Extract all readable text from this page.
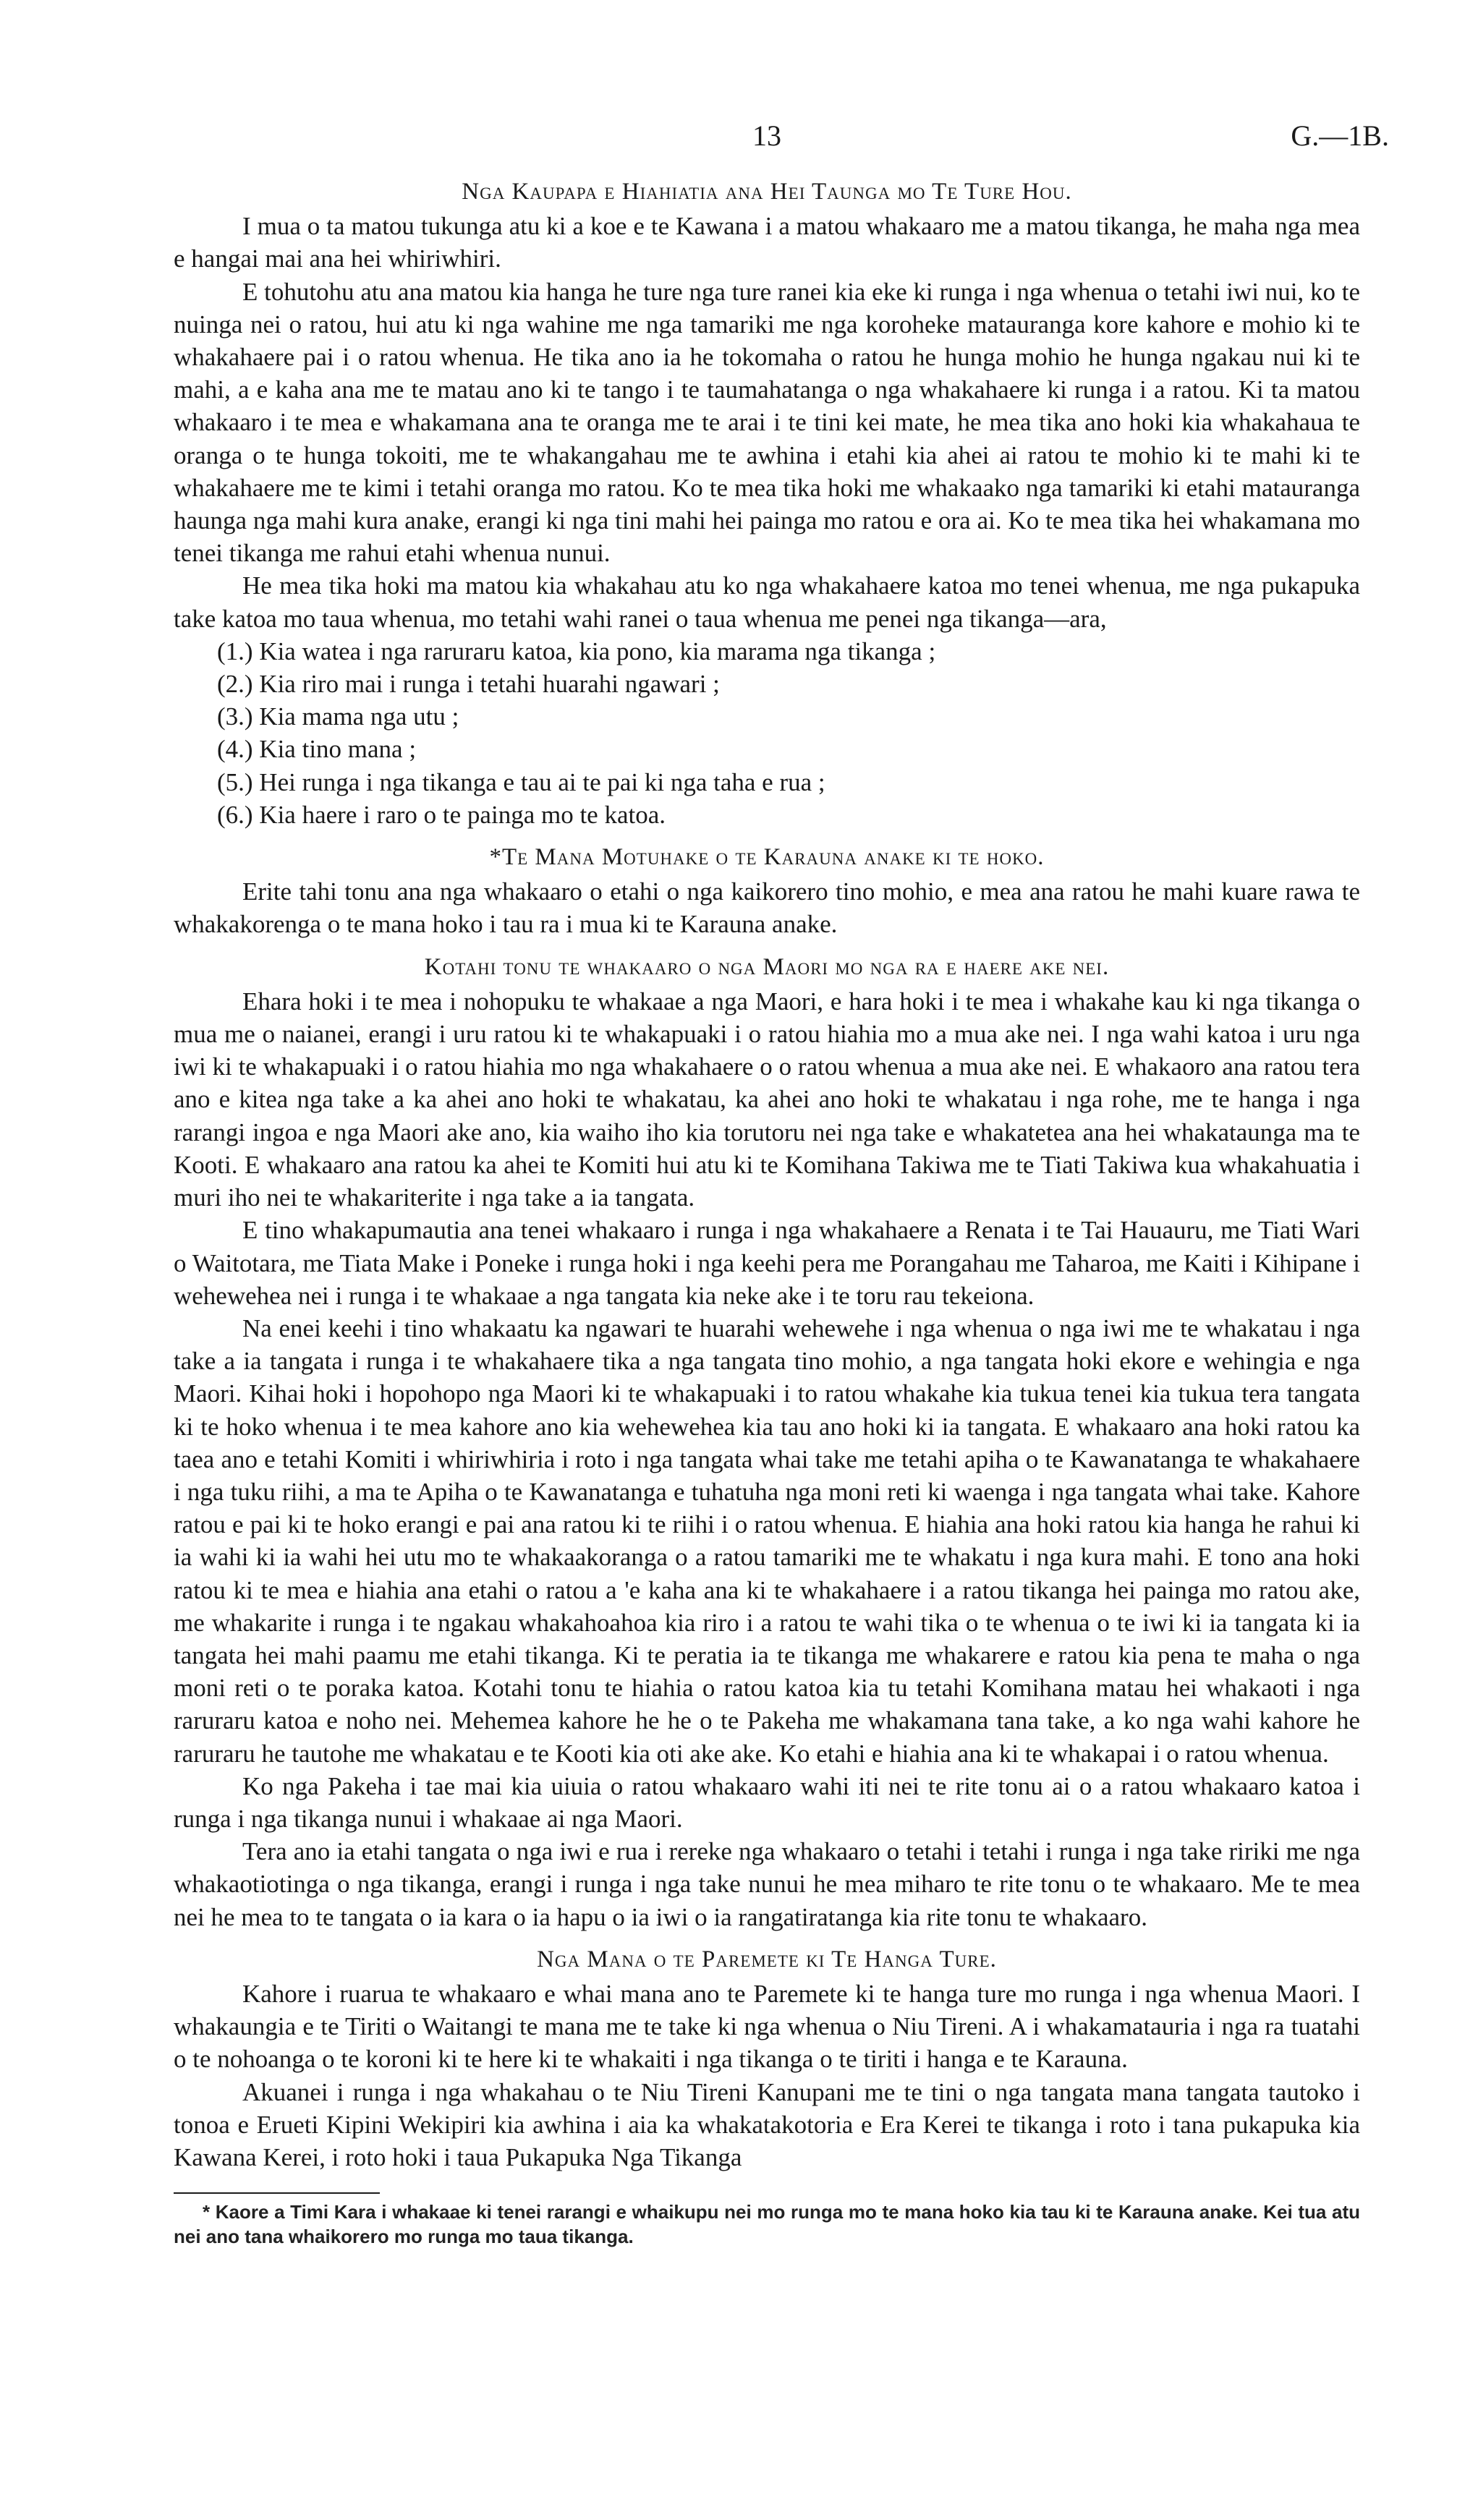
13	G.—1B.
Nga Kaupapa e Hiahiatia ana Hei Taunga mo Te Ture Hou.

I mua o ta matou tukunga atu ki a koe e te Kawana i a matou whakaaro me a matou tikanga, he maha nga mea e hangai mai ana hei whiriwhiri.

E tohutohu atu ana matou kia hanga he ture nga ture ranei kia eke ki runga i nga whenua o tetahi iwi nui, ko te nuinga nei o ratou, hui atu ki nga wahine me nga tamariki me nga koroheke matauranga kore kahore e mohio ki te whakahaere pai i o ratou whenua. He tika ano ia he tokomaha o ratou he hunga mohio he hunga ngakau nui ki te mahi, a e kaha ana me te matau ano ki te tango i te taumahatanga o nga whakahaere ki runga i a ratou. Ki ta matou whakaaro i te mea e whakamana ana te oranga me te arai i te tini kei mate, he mea tika ano hoki kia whakahaua te oranga o te hunga tokoiti, me te whakangahau me te awhina i etahi kia ahei ai ratou te mohio ki te mahi ki te whakahaere me te kimi i tetahi oranga mo ratou. Ko te mea tika hoki me whakaako nga tamariki ki etahi matauranga haunga nga mahi kura anake, erangi ki nga tini mahi hei painga mo ratou e ora ai. Ko te mea tika hei whakamana mo tenei tikanga me rahui etahi whenua nunui.

He mea tika hoki ma matou kia whakahau atu ko nga whakahaere katoa mo tenei whenua, me nga pukapuka take katoa mo taua whenua, mo tetahi wahi ranei o taua whenua me penei nga tikanga—ara,

(1.) Kia watea i nga raruraru katoa, kia pono, kia marama nga tikanga ;
(2.) Kia riro mai i runga i tetahi huarahi ngawari ;
(3.) Kia mama nga utu ;
(4.) Kia tino mana ;
(5.) Hei runga i nga tikanga e tau ai te pai ki nga taha e rua ;
(6.) Kia haere i raro o te painga mo te katoa.
*Te Mana Motuhake o te Karauna anake ki te hoko.

Erite tahi tonu ana nga whakaaro o etahi o nga kaikorero tino mohio, e mea ana ratou he mahi kuare rawa te whakakorenga o te mana hoko i tau ra i mua ki te Karauna anake.

Kotahi tonu te whakaaro o nga Maori mo nga ra e haere ake nei.

Ehara hoki i te mea i nohopuku te whakaae a nga Maori, e hara hoki i te mea i whakahe kau ki nga tikanga o mua me o naianei, erangi i uru ratou ki te whakapuaki i o ratou hiahia mo a mua ake nei. I nga wahi katoa i uru nga iwi ki te whakapuaki i o ratou hiahia mo nga whakahaere o o ratou whenua a mua ake nei. E whakaoro ana ratou tera ano e kitea nga take a ka ahei ano hoki te whakatau, ka ahei ano hoki te whakatau i nga rohe, me te hanga i nga rarangi ingoa e nga Maori ake ano, kia waiho iho kia torutoru nei nga take e whakatetea ana hei whakataunga ma te Kooti. E whakaaro ana ratou ka ahei te Komiti hui atu ki te Komihana Takiwa me te Tiati Takiwa kua whakahuatia i muri iho nei te whakariterite i nga take a ia tangata.

E tino whakapumautia ana tenei whakaaro i runga i nga whakahaere a Renata i te Tai Hauauru, me Tiati Wari o Waitotara, me Tiata Make i Poneke i runga hoki i nga keehi pera me Porangahau me Taharoa, me Kaiti i Kihipane i wehewehea nei i runga i te whakaae a nga tangata kia neke ake i te toru rau tekeiona.

Na enei keehi i tino whakaatu ka ngawari te huarahi wehewehe i nga whenua o nga iwi me te whakatau i nga take a ia tangata i runga i te whakahaere tika a nga tangata tino mohio, a nga tangata hoki ekore e wehingia e nga Maori. Kihai hoki i hopohopo nga Maori ki te whakapuaki i to ratou whakahe kia tukua tenei kia tukua tera tangata ki te hoko whenua i te mea kahore ano kia wehewehea kia tau ano hoki ki ia tangata. E whakaaro ana hoki ratou ka taea ano e tetahi Komiti i whiriwhiria i roto i nga tangata whai take me tetahi apiha o te Kawanatanga te whakahaere i nga tuku riihi, a ma te Apiha o te Kawanatanga e tuhatuha nga moni reti ki waenga i nga tangata whai take. Kahore ratou e pai ki te hoko erangi e pai ana ratou ki te riihi i o ratou whenua. E hiahia ana hoki ratou kia hanga he rahui ki ia wahi ki ia wahi hei utu mo te whakaakoranga o a ratou tamariki me te whakatu i nga kura mahi. E tono ana hoki ratou ki te mea e hiahia ana etahi o ratou a 'e kaha ana ki te whakahaere i a ratou tikanga hei painga mo ratou ake, me whakarite i runga i te ngakau whakahoahoa kia riro i a ratou te wahi tika o te whenua o te iwi ki ia tangata ki ia tangata hei mahi paamu me etahi tikanga. Ki te peratia ia te tikanga me whakarere e ratou kia pena te maha o nga moni reti o te poraka katoa. Kotahi tonu te hiahia o ratou katoa kia tu tetahi Komihana matau hei whakaoti i nga raruraru katoa e noho nei. Mehemea kahore he he o te Pakeha me whakamana tana take, a ko nga wahi kahore he raruraru he tautohe me whakatau e te Kooti kia oti ake ake. Ko etahi e hiahia ana ki te whakapai i o ratou whenua.

Ko nga Pakeha i tae mai kia uiuia o ratou whakaaro wahi iti nei te rite tonu ai o a ratou whakaaro katoa i runga i nga tikanga nunui i whakaae ai nga Maori.

Tera ano ia etahi tangata o nga iwi e rua i rereke nga whakaaro o tetahi i tetahi i runga i nga take ririki me nga whakaotiotinga o nga tikanga, erangi i runga i nga take nunui he mea miharo te rite tonu o te whakaaro. Me te mea nei he mea to te tangata o ia kara o ia hapu o ia iwi o ia rangatiratanga kia rite tonu te whakaaro.

Nga Mana o te Paremete ki Te Hanga Ture.

Kahore i ruarua te whakaaro e whai mana ano te Paremete ki te hanga ture mo runga i nga whenua Maori. I whakaungia e te Tiriti o Waitangi te mana me te take ki nga whenua o Niu Tireni. A i whakamatauria i nga ra tuatahi o te nohoanga o te koroni ki te here ki te whakaiti i nga tikanga o te tiriti i hanga e te Karauna.

Akuanei i runga i nga whakahau o te Niu Tireni Kanupani me te tini o nga tangata mana tangata tautoko i tonoa e Erueti Kipini Wekipiri kia awhina i aia ka whakatakotoria e Era Kerei te tikanga i roto i tana pukapuka kia Kawana Kerei, i roto hoki i taua Pukapuka Nga Tikanga

* Kaore a Timi Kara i whakaae ki tenei rarangi e whaikupu nei mo runga mo te mana hoko kia tau ki te Karauna anake. Kei tua atu nei ano tana whaikorero mo runga mo taua tikanga.
